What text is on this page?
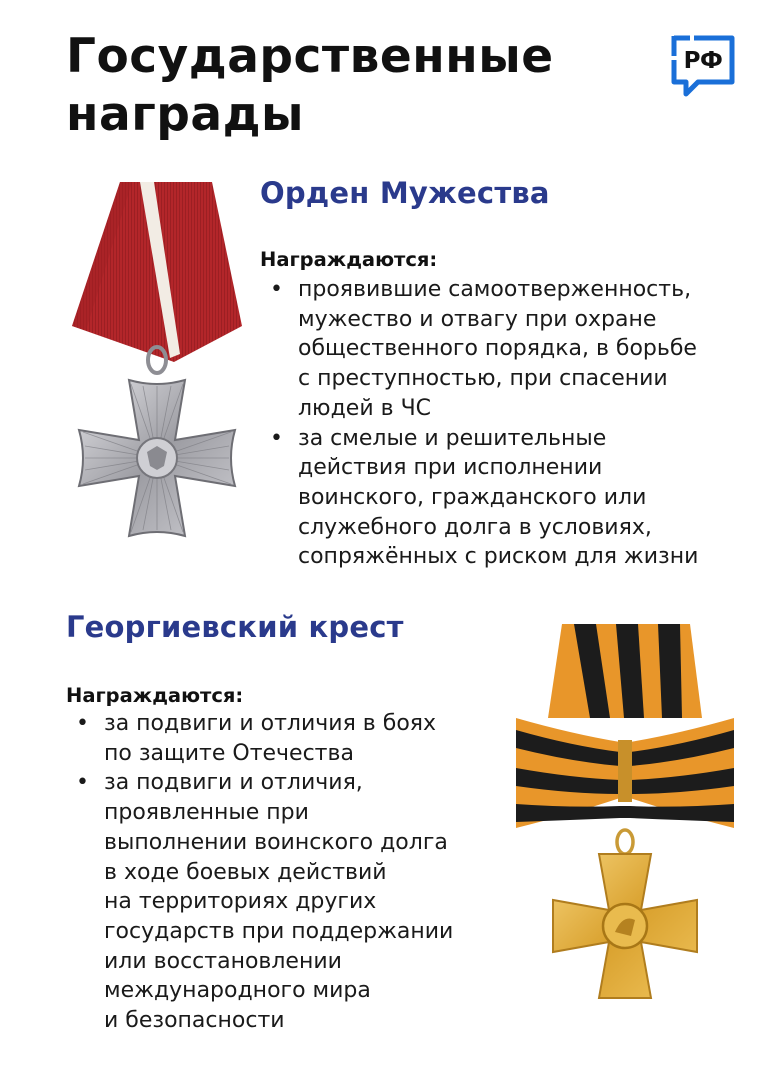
Государственные
награды
РФ
Орден Мужества

Награждаются:

• проявившие самоотверженность,
мужество и отвагу при охране
общественного порядка, в борьбе
с преступностью, при спасении
людей в ЧС
• за смелые и решительные
действия при исполнении
воинского, гражданского или
служебного долга в условиях,
сопряжённых с риском для жизни
Георгиевский крест

Награждаются:

• за подвиги и отличия в боях
по защите Отечества
• за подвиги и отличия,
проявленные при
выполнении воинского долга
в ходе боевых действий
на территориях других
государств при поддержании
или восстановлении
международного мира
и безопасности
